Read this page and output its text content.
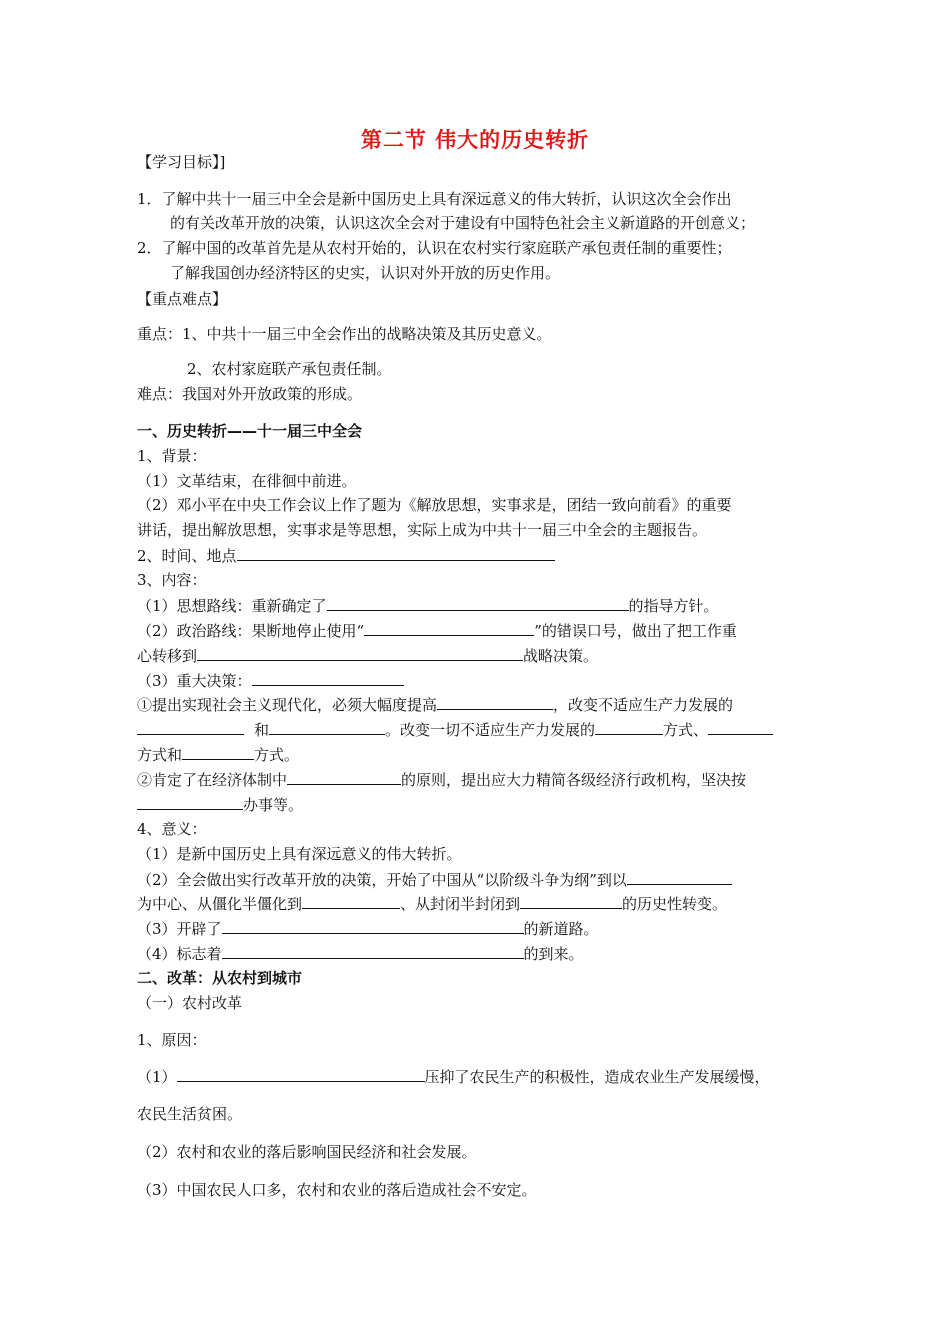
第二节 伟大的历史转折
【学习目标】]
1．了解中共十一届三中全会是新中国历史上具有深远意义的伟大转折，认识这次全会作出
的有关改革开放的决策，认识这次全会对于建设有中国特色社会主义新道路的开创意义；
2．了解中国的改革首先是从农村开始的，认识在农村实行家庭联产承包责任制的重要性；
了解我国创办经济特区的史实，认识对外开放的历史作用。
【重点难点】
重点：1、中共十一届三中全会作出的战略决策及其历史意义。
2、农村家庭联产承包责任制。
难点：我国对外开放政策的形成。
一、历史转折——十一届三中全会
1、背景：
（1）文革结束，在徘徊中前进。
（2）邓小平在中央工作会议上作了题为《解放思想，实事求是，团结一致向前看》的重要
讲话，提出解放思想，实事求是等思想，实际上成为中共十一届三中全会的主题报告。
2、时间、地点
3、内容：
（1）思想路线：重新确定了	的指导方针。
（2）政治路线：果断地停止使用“	”的错误口号，做出了把工作重
心转移到	战略决策。
（3）重大决策：
①提出实现社会主义现代化，必须大幅度提高	，改变不适应生产力发展的
和	。改变一切不适应生产力发展的	方式、
方式和	方式。
②肯定了在经济体制中	的原则，提出应大力精简各级经济行政机构，坚决按
办事等。
4、意义：
（1）是新中国历史上具有深远意义的伟大转折。
（2）全会做出实行改革开放的决策，开始了中国从“以阶级斗争为纲”到以
为中心、从僵化半僵化到	、从封闭半封闭到	的历史性转变。
（3）开辟了	的新道路。
（4）标志着	的到来。
二、改革：从农村到城市
（一）农村改革
1、原因：
（1）	压抑了农民生产的积极性，造成农业生产发展缓慢，
农民生活贫困。
（2）农村和农业的落后影响国民经济和社会发展。
（3）中国农民人口多，农村和农业的落后造成社会不安定。
